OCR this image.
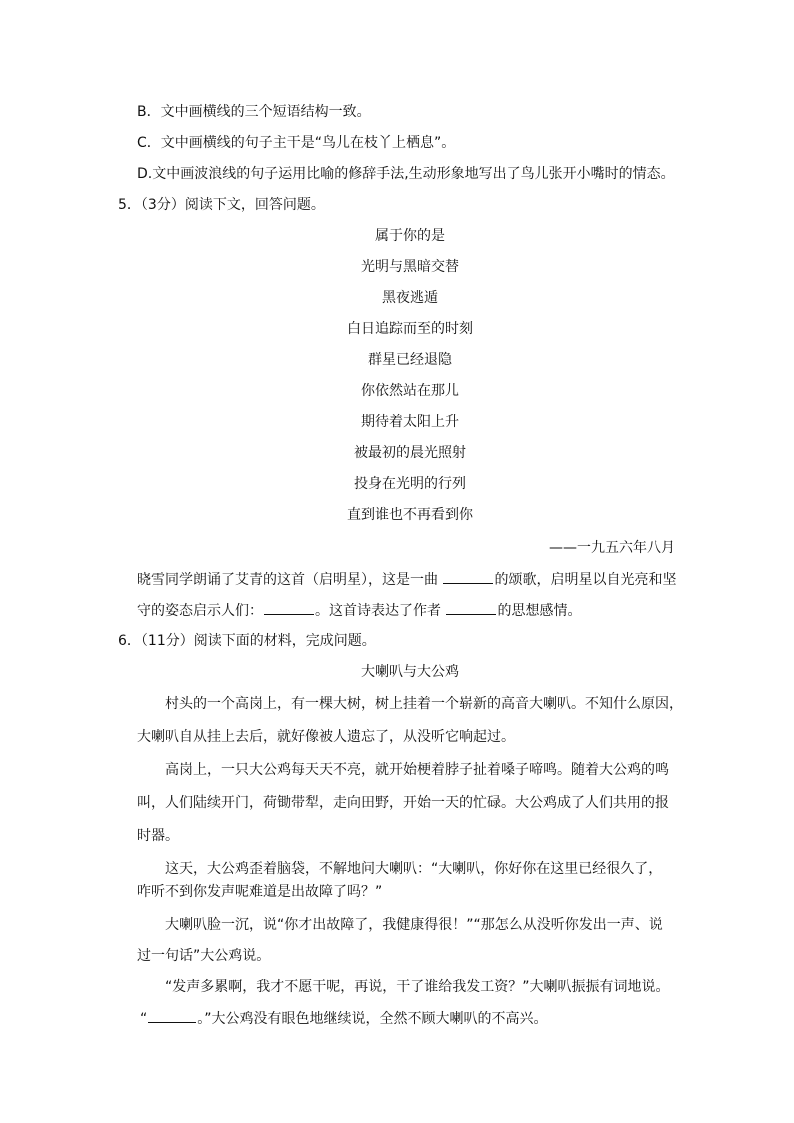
B．文中画横线的三个短语结构一致。
C．文中画横线的句子主干是“鸟儿在枝丫上栖息”。
D.文中画波浪线的句子运用比喻的修辞手法,生动形象地写出了鸟儿张开小嘴时的情态。
5．（3分）阅读下文，回答问题。
属于你的是
光明与黑暗交替
黑夜逃遁
白日追踪而至的时刻
群星已经退隐
你依然站在那儿
期待着太阳上升
被最初的晨光照射
投身在光明的行列
直到谁也不再看到你
——一九五六年八月
晓雪同学朗诵了艾青的这首（启明星），这是一曲	的颂歌，启明星以自光亮和坚
守的姿态启示人们：	。这首诗表达了作者	的思想感情。
6．（11分）阅读下面的材料，完成问题。
大喇叭与大公鸡
村头的一个高岗上，有一棵大树，树上挂着一个崭新的高音大喇叭。不知什么原因，
大喇叭自从挂上去后，就好像被人遗忘了，从没听它响起过。
高岗上，一只大公鸡每天天不亮，就开始梗着脖子扯着嗓子啼鸣。随着大公鸡的鸣
叫，人们陆续开门，荷锄带犁，走向田野，开始一天的忙碌。大公鸡成了人们共用的报
时器。
这天，大公鸡歪着脑袋，不解地问大喇叭：“大喇叭，你好你在这里已经很久了，
咋听不到你发声呢难道是出故障了吗？”
大喇叭脸一沉，说“你才出故障了，我健康得很！”“那怎么从没听你发出一声、说
过一句话”大公鸡说。
“发声多累啊，我才不愿干呢，再说，干了谁给我发工资？”大喇叭振振有词地说。
“	。”大公鸡没有眼色地继续说，全然不顾大喇叭的不高兴。
